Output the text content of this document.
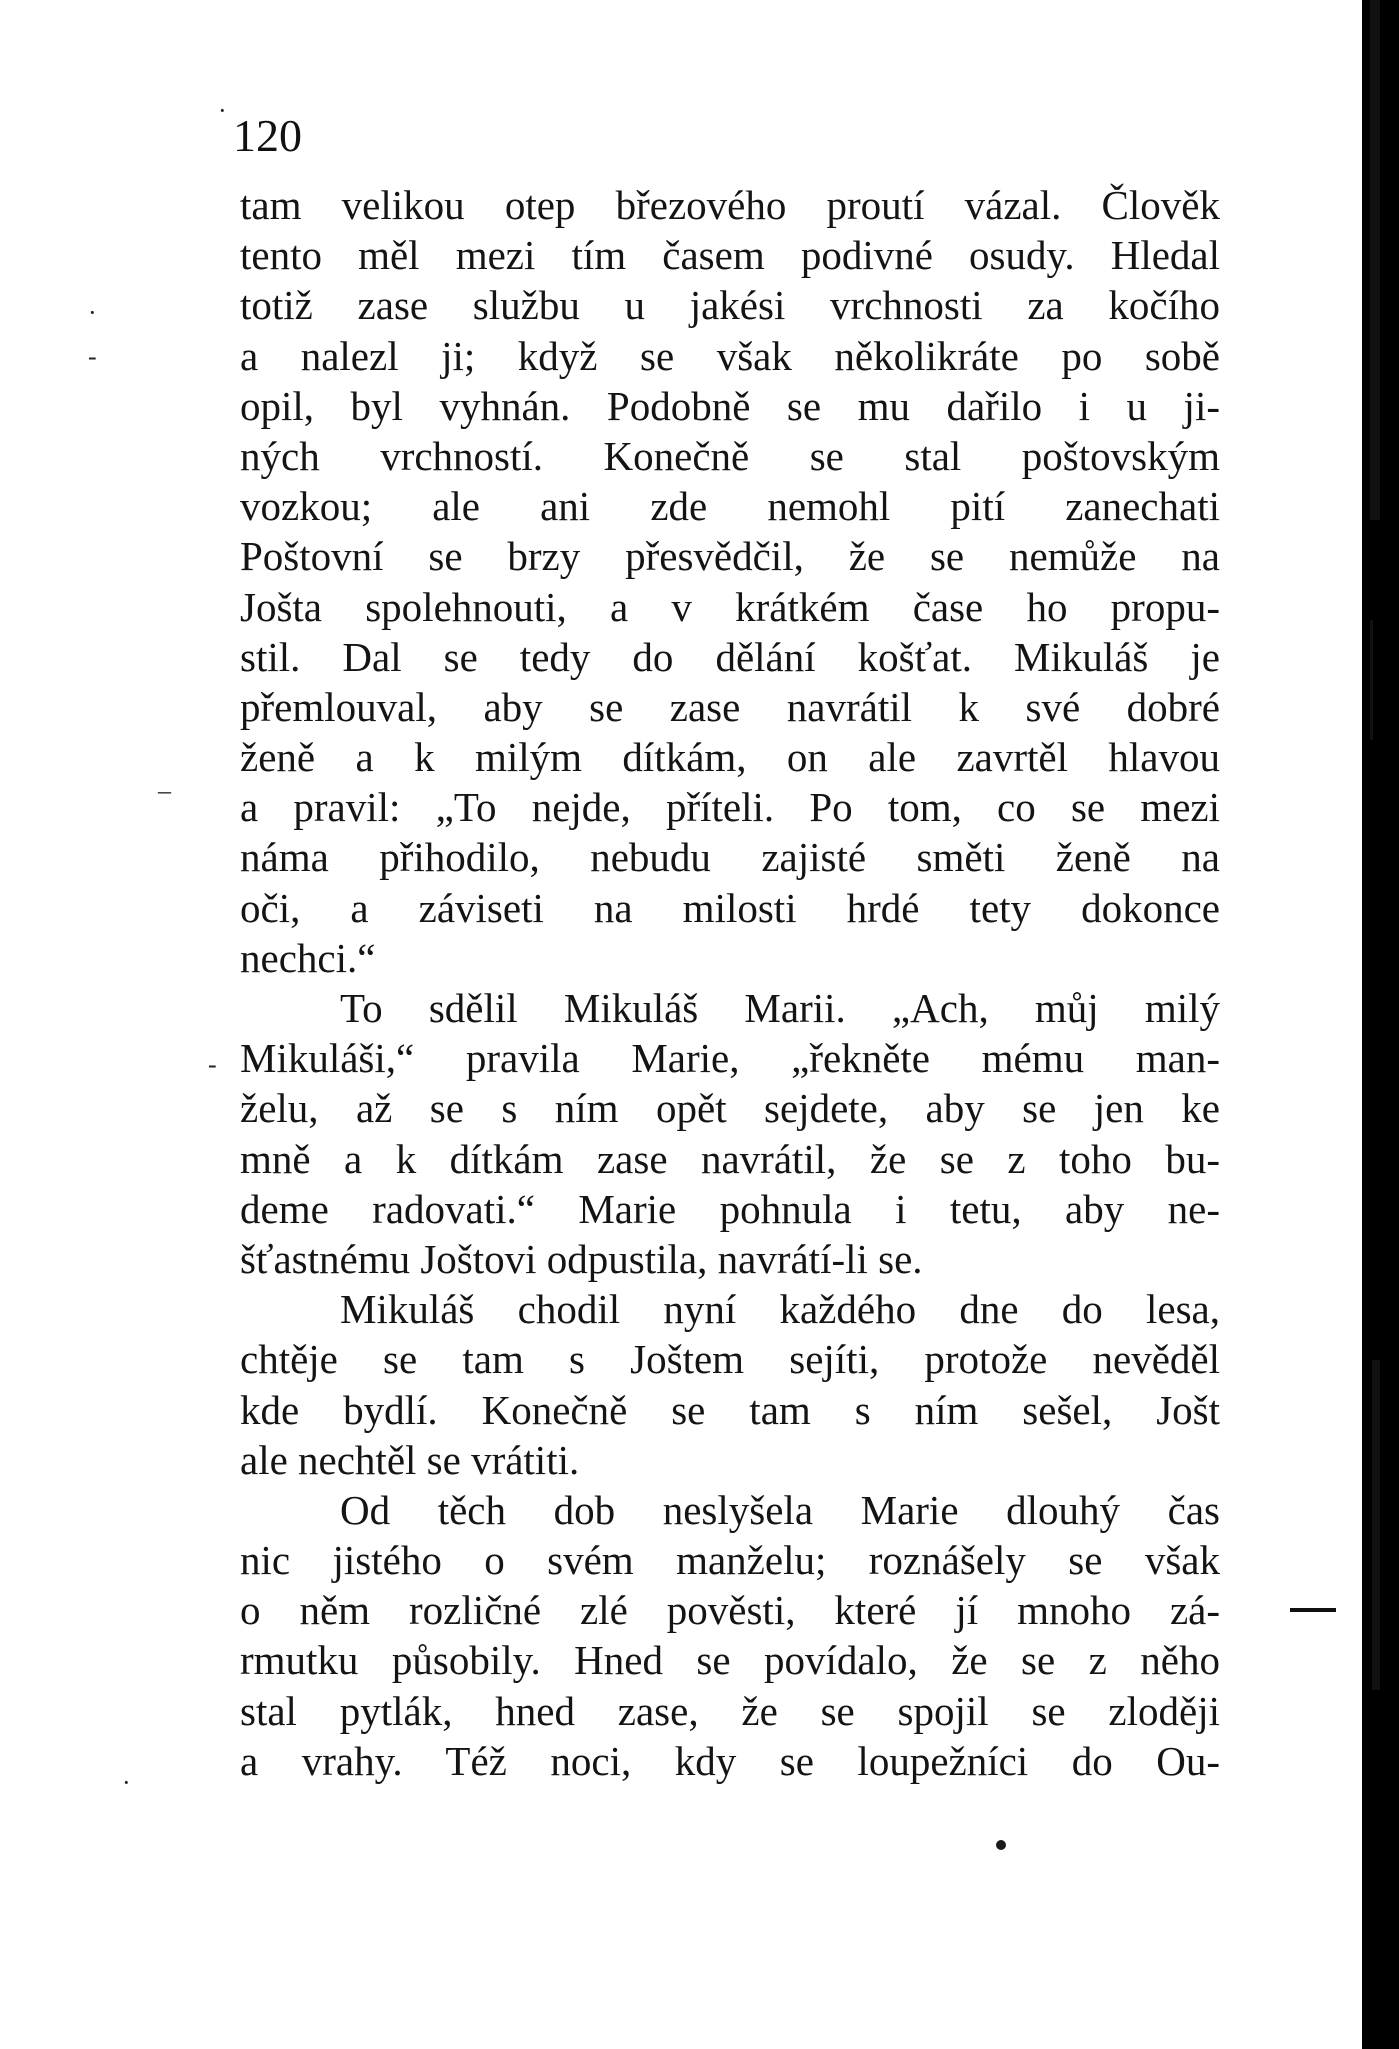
120
tam velikou otep březového proutí vázal. Člověk
tento měl mezi tím časem podivné osudy. Hledal
totiž zase službu u jakési vrchnosti za kočího
a nalezl ji; když se však několikráte po sobě
opil, byl vyhnán. Podobně se mu dařilo i u ji-
ných vrchností. Konečně se stal poštovským
vozkou; ale ani zde nemohl pití zanechati
Poštovní se brzy přesvědčil, že se nemůže na
Jošta spolehnouti, a v krátkém čase ho propu-
stil. Dal se tedy do dělání košťat. Mikuláš je
přemlouval, aby se zase navrátil k své dobré
ženě a k milým dítkám, on ale zavrtěl hlavou
a pravil: „To nejde, příteli. Po tom, co se mezi
náma přihodilo, nebudu zajisté směti ženě na
oči, a záviseti na milosti hrdé tety dokonce
nechci.“
To sdělil Mikuláš Marii. „Ach, můj milý
Mikuláši,“ pravila Marie, „řekněte mému man-
želu, až se s ním opět sejdete, aby se jen ke
mně a k dítkám zase navrátil, že se z toho bu-
deme radovati.“ Marie pohnula i tetu, aby ne-
šťastnému Joštovi odpustila, navrátí-li se.
Mikuláš chodil nyní každého dne do lesa,
chtěje se tam s Joštem sejíti, protože nevěděl
kde bydlí. Konečně se tam s ním sešel, Jošt
ale nechtěl se vrátiti.
Od těch dob neslyšela Marie dlouhý čas
nic jistého o svém manželu; roznášely se však
o něm rozličné zlé pověsti, které jí mnoho zá-
rmutku působily. Hned se povídalo, že se z něho
stal pytlák, hned zase, že se spojil se zloději
a vrahy. Též noci, kdy se loupežníci do Ou-
·
-
–
-
·
·
